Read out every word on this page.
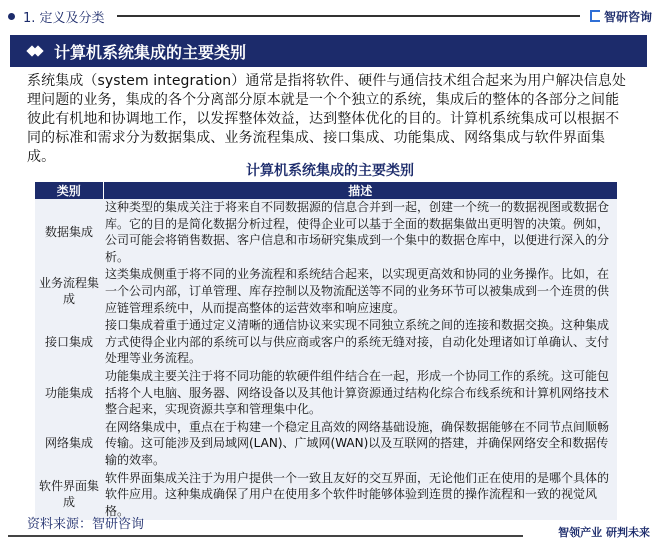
1. 定义及分类	智研咨询
计算机系统集成的主要类别
系统集成（system integration）通常是指将软件、硬件与通信技术组合起来为用户解决信息处理问题的业务，集成的各个分离部分原本就是一个个独立的系统，集成后的整体的各部分之间能彼此有机地和协调地工作，以发挥整体效益，达到整体优化的目的。计算机系统集成可以根据不同的标准和需求分为数据集成、业务流程集成、接口集成、功能集成、网络集成与软件界面集成。
计算机系统集成的主要类别
类别	描述
数据集成	这种类型的集成关注于将来自不同数据源的信息合并到一起，创建一个统一的数据视图或数据仓库。它的目的是简化数据分析过程，使得企业可以基于全面的数据集做出更明智的决策。例如，公司可能会将销售数据、客户信息和市场研究集成到一个集中的数据仓库中，以便进行深入的分析。
业务流程集成	这类集成侧重于将不同的业务流程和系统结合起来，以实现更高效和协同的业务操作。比如，在一个公司内部，订单管理、库存控制以及物流配送等不同的业务环节可以被集成到一个连贯的供应链管理系统中，从而提高整体的运营效率和响应速度。
接口集成	接口集成着重于通过定义清晰的通信协议来实现不同独立系统之间的连接和数据交换。这种集成方式使得企业内部的系统可以与供应商或客户的系统无缝对接，自动化处理诸如订单确认、支付处理等业务流程。
功能集成	功能集成主要关注于将不同功能的软硬件组件结合在一起，形成一个协同工作的系统。这可能包括将个人电脑、服务器、网络设备以及其他计算资源通过结构化综合布线系统和计算机网络技术整合起来，实现资源共享和管理集中化。
网络集成	在网络集成中，重点在于构建一个稳定且高效的网络基础设施，确保数据能够在不同节点间顺畅传输。这可能涉及到局域网(LAN)、广域网(WAN)以及互联网的搭建，并确保网络安全和数据传输的效率。
软件界面集成	软件界面集成关注于为用户提供一个一致且友好的交互界面，无论他们正在使用的是哪个具体的软件应用。这种集成确保了用户在使用多个软件时能够体验到连贯的操作流程和一致的视觉风格。
资料来源：智研咨询
智领产业 研判未来
